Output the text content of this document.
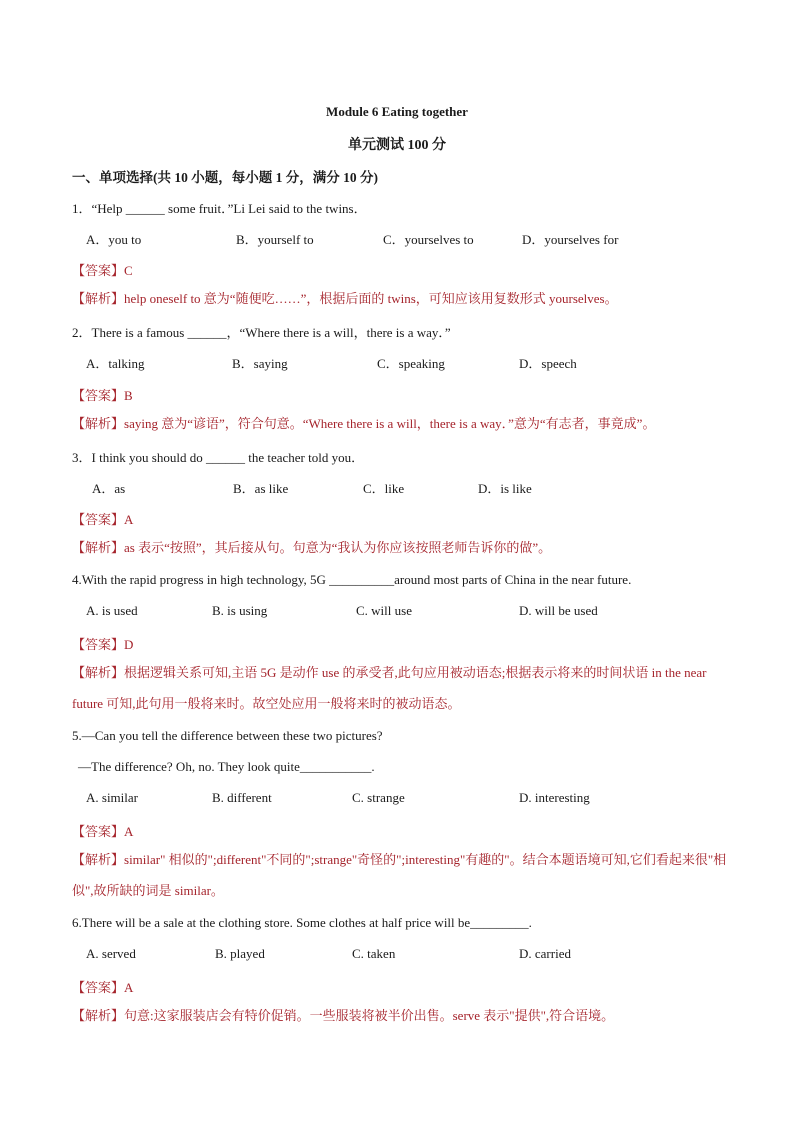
Module 6 Eating together
单元测试 100 分
一、单项选择(共 10 小题，每小题 1 分，满分 10 分)
1．“Help ______ some fruit．”Li Lei said to the twins．
A．you to	B．yourself to	C．yourselves to	D．yourselves for
【答案】C
【解析】help oneself to 意为“随便吃……”，根据后面的 twins，可知应该用复数形式 yourselves。
2．There is a famous ______，“Where there is a will，there is a way．”
A．talking	B．saying	C．speaking	D．speech
【答案】B
【解析】saying 意为“谚语”，符合句意。“Where there is a will，there is a way．”意为“有志者，事竟成”。
3．I think you should do ______ the teacher told you．
A．as	B．as like	C．like	D．is like
【答案】A
【解析】as 表示“按照”，其后接从句。句意为“我认为你应该按照老师告诉你的做”。
4.With the rapid progress in high technology, 5G __________around most parts of China in the near future.
A. is used	B. is using	C. will use	D. will be used
【答案】D
【解析】根据逻辑关系可知,主语 5G 是动作 use 的承受者,此句应用被动语态;根据表示将来的时间状语 in the near future 可知,此句用一般将来时。故空处应用一般将来时的被动语态。
5.—Can you tell the difference between these two pictures?
—The difference? Oh, no. They look quite___________.
A. similar	B. different	C. strange	D. interesting
【答案】A
【解析】similar" 相似的";different"不同的";strange"奇怪的";interesting"有趣的"。结合本题语境可知,它们看起来很"相似",故所缺的词是 similar。
6.There will be a sale at the clothing store. Some clothes at half price will be_________.
A. served	B. played	C. taken	D. carried
【答案】A
【解析】句意:这家服装店会有特价促销。一些服装将被半价出售。serve 表示"提供",符合语境。
